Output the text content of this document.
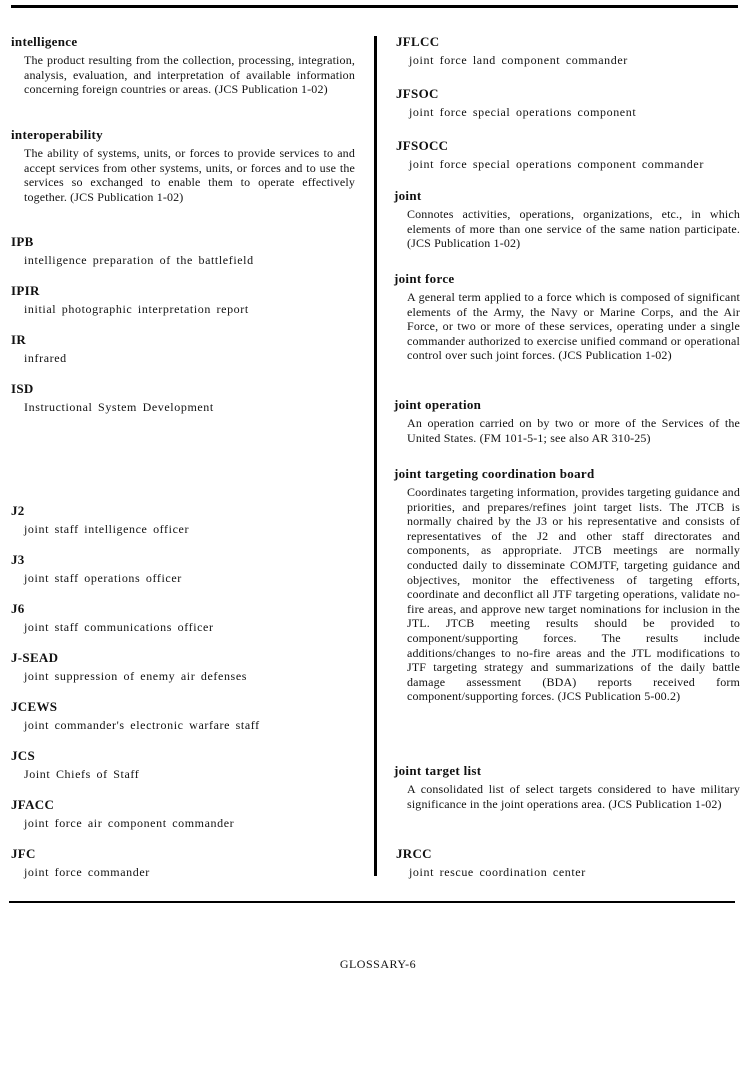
intelligence
The product resulting from the collection, processing, integration, analysis, evaluation, and interpretation of available information concerning foreign countries or areas. (JCS Publication 1-02)
interoperability
The ability of systems, units, or forces to provide services to and accept services from other systems, units, or forces and to use the services so exchanged to enable them to operate effectively together. (JCS Publication 1-02)
IPB
intelligence preparation of the battlefield
IPIR
initial photographic interpretation report
IR
infrared
ISD
Instructional System Development
J2
joint staff intelligence officer
J3
joint staff operations officer
J6
joint staff communications officer
J-SEAD
joint suppression of enemy air defenses
JCEWS
joint commander's electronic warfare staff
JCS
Joint Chiefs of Staff
JFACC
joint force air component commander
JFC
joint force commander
JFLCC
joint force land component commander
JFSOC
joint force special operations component
JFSOCC
joint force special operations component commander
joint
Connotes activities, operations, organizations, etc., in which elements of more than one service of the same nation participate. (JCS Publication 1-02)
joint force
A general term applied to a force which is composed of significant elements of the Army, the Navy or Marine Corps, and the Air Force, or two or more of these services, operating under a single commander authorized to exercise unified command or operational control over such joint forces. (JCS Publication 1-02)
joint operation
An operation carried on by two or more of the Services of the United States. (FM 101-5-1; see also AR 310-25)
joint targeting coordination board
Coordinates targeting information, provides targeting guidance and priorities, and prepares/refines joint target lists. The JTCB is normally chaired by the J3 or his representative and consists of representatives of the J2 and other staff directorates and components, as appropriate. JTCB meetings are normally conducted daily to disseminate COMJTF, targeting guidance and objectives, monitor the effectiveness of targeting efforts, coordinate and deconflict all JTF targeting operations, validate no-fire areas, and approve new target nominations for inclusion in the JTL. JTCB meeting results should be provided to component/supporting forces. The results include additions/changes to no-fire areas and the JTL modifications to JTF targeting strategy and summarizations of the daily battle damage assessment (BDA) reports received form component/supporting forces. (JCS Publication 5-00.2)
joint target list
A consolidated list of select targets considered to have military significance in the joint operations area. (JCS Publication 1-02)
JRCC
joint rescue coordination center
GLOSSARY-6
